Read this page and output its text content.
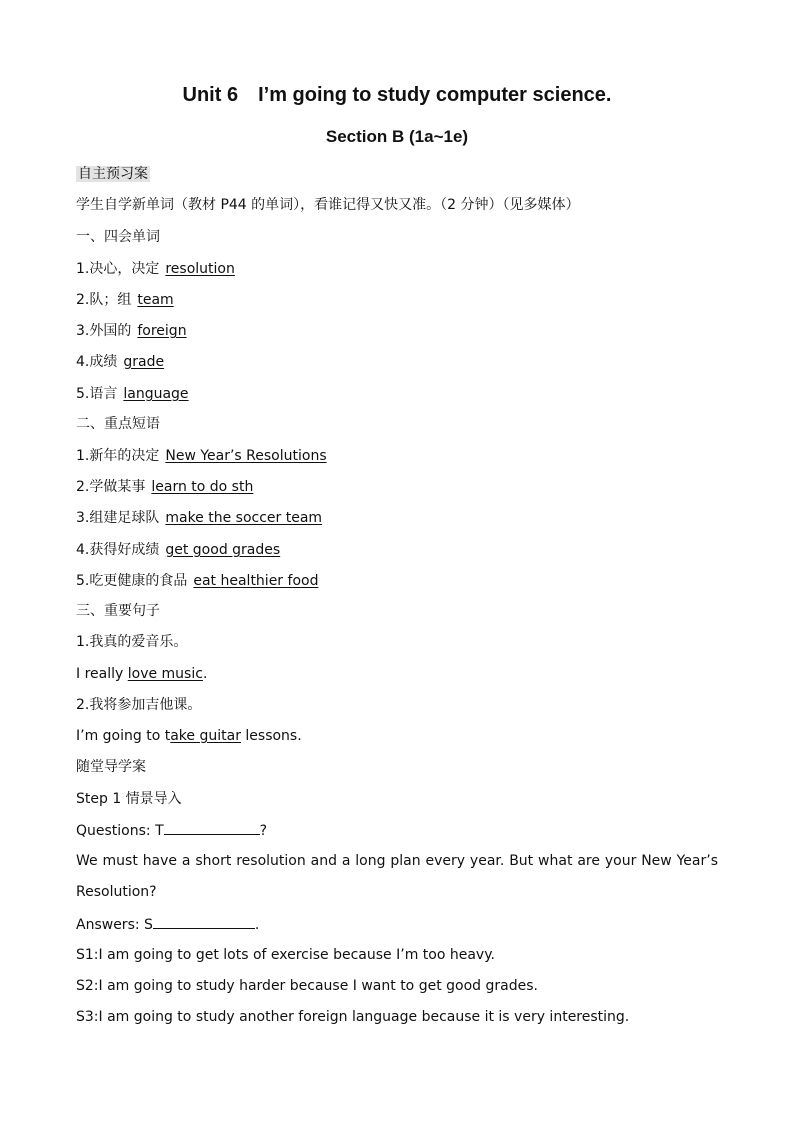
Unit 6 I’m going to study computer science.
Section B (1a~1e)
自主预习案
学生自学新单词（教材 P44 的单词），看谁记得又快又准。（2 分钟）（见多媒体）
一、四会单词
1.决心，决定 resolution
2.队；组 team
3.外国的 foreign
4.成绩 grade
5.语言 language
二、重点短语
1.新年的决定 New Year’s Resolutions
2.学做某事 learn to do sth
3.组建足球队 make the soccer team
4.获得好成绩 get good grades
5.吃更健康的食品 eat healthier food
三、重要句子
1.我真的爱音乐。
I really love music.
2.我将参加吉他课。
I’m going to take guitar lessons.
随堂导学案
Step 1 情景导入
Questions: T	?
We must have a short resolution and a long plan every year. But what are your New Year’s
Resolution?
Answers: S	.
S1:I am going to get lots of exercise because I’m too heavy.
S2:I am going to study harder because I want to get good grades.
S3:I am going to study another foreign language because it is very interesting.
